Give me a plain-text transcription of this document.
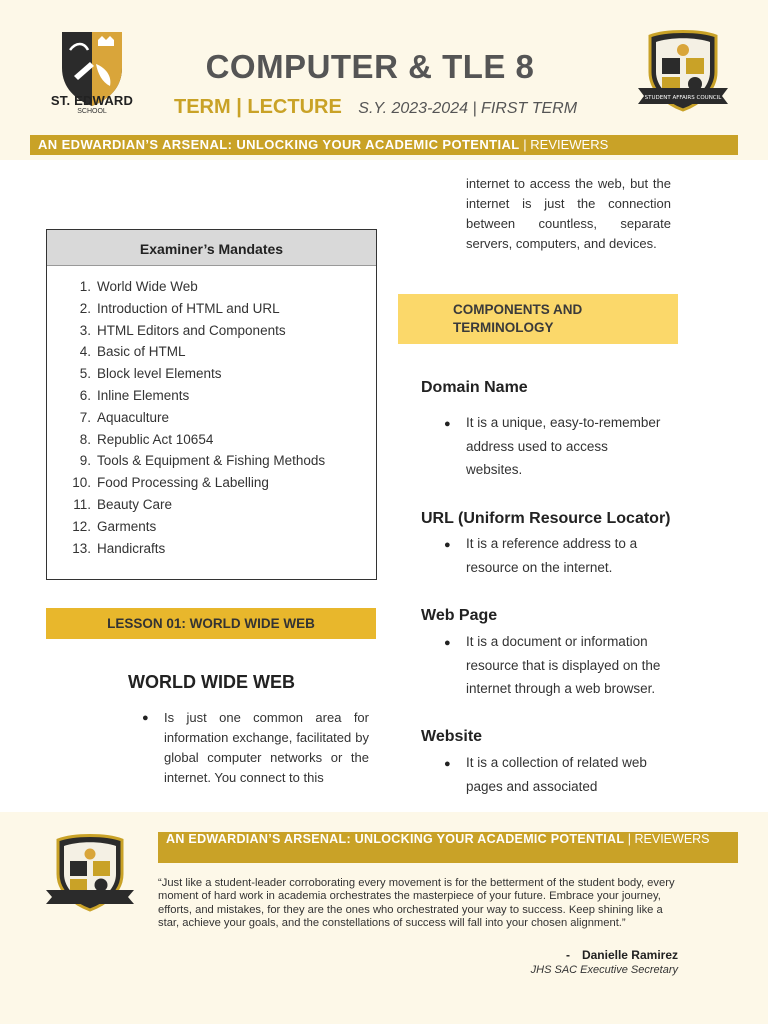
ST. EDWARD
SCHOOL
COMPUTER & TLE 8
TERM | LECTURE S.Y. 2023-2024 | FIRST TERM
STUDENT AFFAIRS COUNCIL
AN EDWARDIAN’S ARSENAL: UNLOCKING YOUR ACADEMIC POTENTIAL | REVIEWERS
Examiner’s Mandates
1. World Wide Web
2. Introduction of HTML and URL
3. HTML Editors and Components
4. Basic of HTML
5. Block level Elements
6. Inline Elements
7. Aquaculture
8. Republic Act 10654
9. Tools & Equipment & Fishing Methods
10. Food Processing & Labelling
11. Beauty Care
12. Garments
13. Handicrafts
LESSON 01: WORLD WIDE WEB
WORLD WIDE WEB
● Is just one common area for information exchange, facilitated by global computer networks or the internet. You connect to this
internet to access the web, but the internet is just the connection between countless, separate servers, computers, and devices.
COMPONENTS AND TERMINOLOGY
Domain Name
● It is a unique, easy-to-remember address used to access websites.
URL (Uniform Resource Locator)
● It is a reference address to a resource on the internet.
Web Page
● It is a document or information resource that is displayed on the internet through a web browser.
Website
● It is a collection of related web pages and associated
AN EDWARDIAN’S ARSENAL: UNLOCKING YOUR ACADEMIC POTENTIAL | REVIEWERS
“Just like a student-leader corroborating every movement is for the betterment of the student body, every moment of hard work in academia orchestrates the masterpiece of your future. Embrace your journey, efforts, and mistakes, for they are the ones who orchestrated your way to success. Keep shining like a star, achieve your goals, and the constellations of success will fall into your chosen alignment.”
- Danielle Ramirez
JHS SAC Executive Secretary
